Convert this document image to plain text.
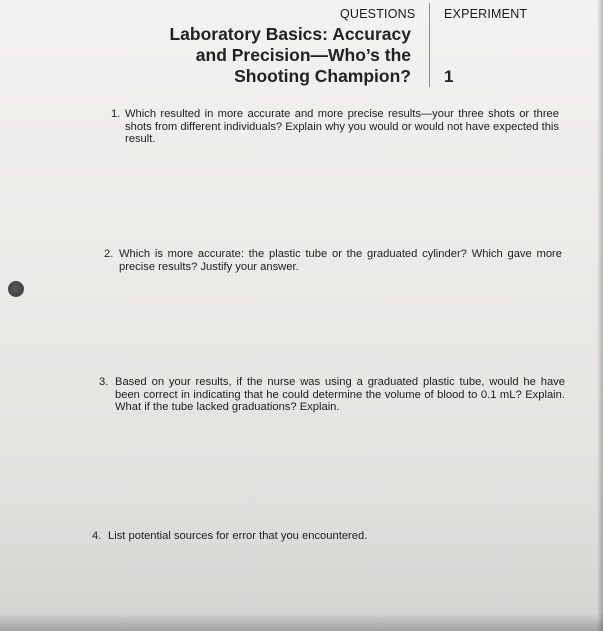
QUESTIONS EXPERIMENT
Laboratory Basics: Accuracy
and Precision—Who’s the
Shooting Champion? 1
1. Which resulted in more accurate and more precise results—your three shots or three shots from different individuals? Explain why you would or would not have expected this result.
2. Which is more accurate: the plastic tube or the graduated cylinder? Which gave more precise results? Justify your answer.
3. Based on your results, if the nurse was using a graduated plastic tube, would he have been correct in indicating that he could determine the volume of blood to 0.1 mL? Explain. What if the tube lacked graduations? Explain.
4. List potential sources for error that you encountered.
